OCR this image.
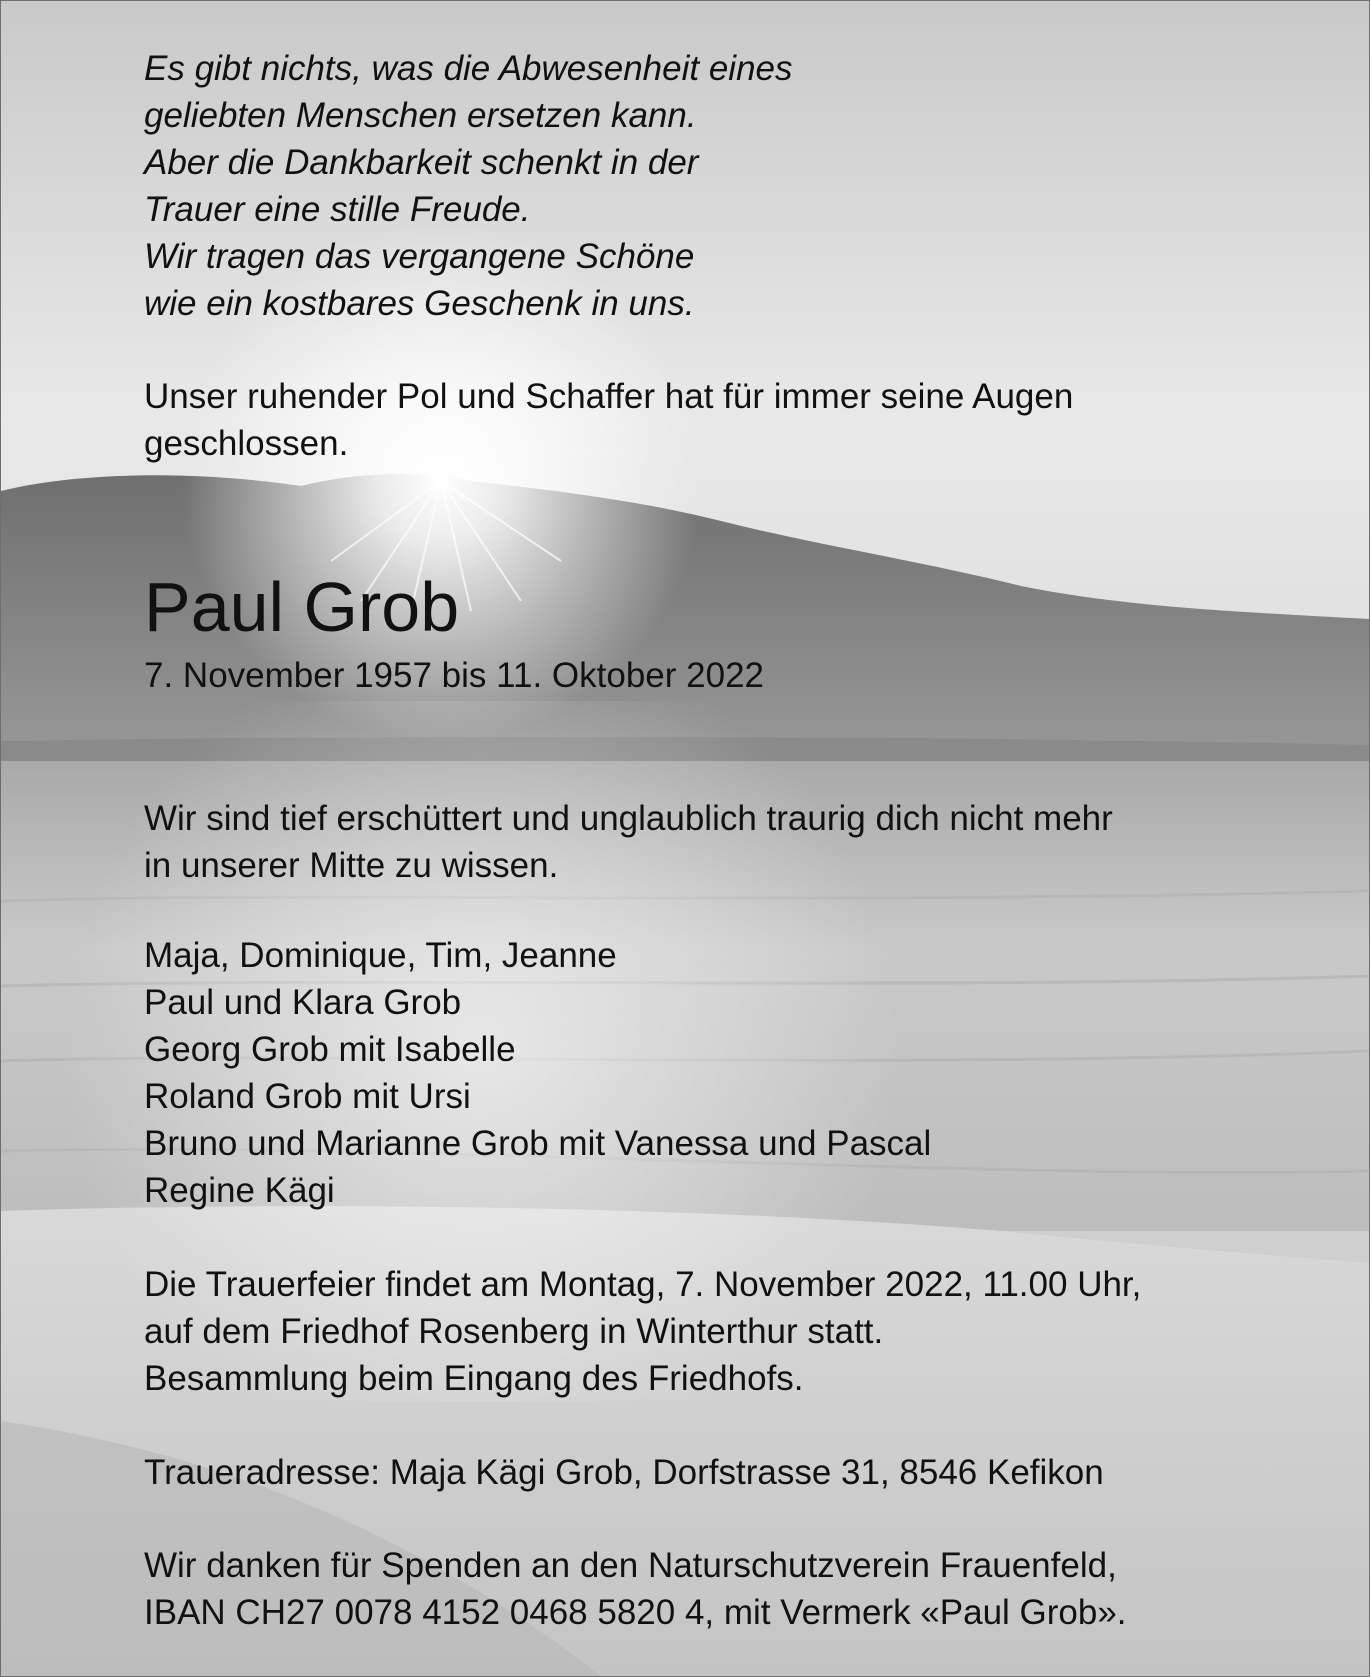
Es gibt nichts, was die Abwesenheit eines
geliebten Menschen ersetzen kann.
Aber die Dankbarkeit schenkt in der
Trauer eine stille Freude.
Wir tragen das vergangene Schöne
wie ein kostbares Geschenk in uns.
Unser ruhender Pol und Schaffer hat für immer seine Augen
geschlossen.
Paul Grob

7. November 1957 bis 11. Oktober 2022

Wir sind tief erschüttert und unglaublich traurig dich nicht mehr
in unserer Mitte zu wissen.
Maja, Dominique, Tim, Jeanne
Paul und Klara Grob
Georg Grob mit Isabelle
Roland Grob mit Ursi
Bruno und Marianne Grob mit Vanessa und Pascal
Regine Kägi
Die Trauerfeier findet am Montag, 7. November 2022, 11.00 Uhr,
auf dem Friedhof Rosenberg in Winterthur statt.
Besammlung beim Eingang des Friedhofs.
Traueradresse: Maja Kägi Grob, Dorfstrasse 31, 8546 Kefikon
Wir danken für Spenden an den Naturschutzverein Frauenfeld,
IBAN CH27 0078 4152 0468 5820 4, mit Vermerk «Paul Grob».
